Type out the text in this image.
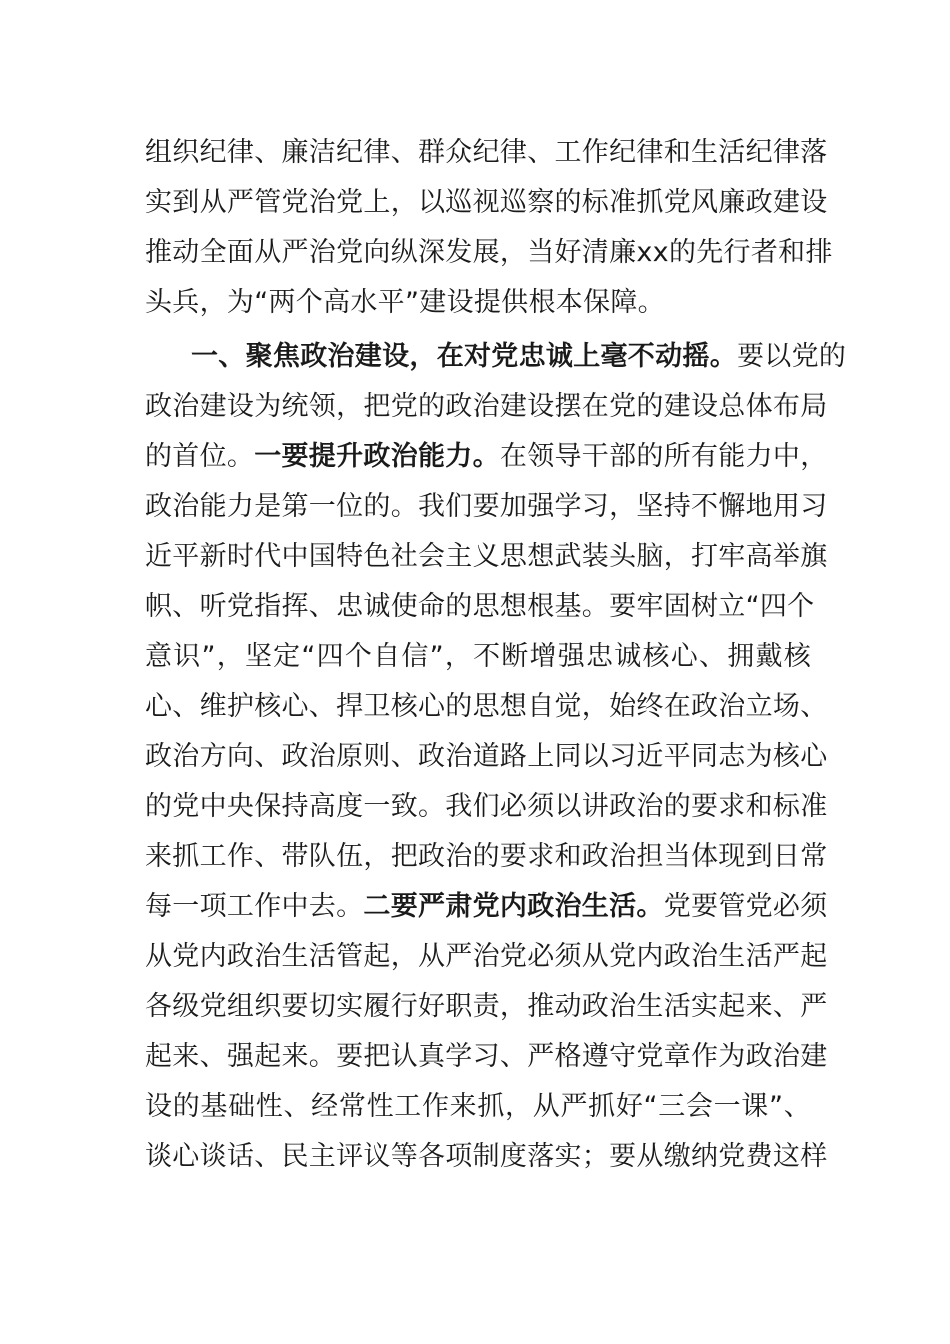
组织纪律、廉洁纪律、群众纪律、工作纪律和生活纪律落
实到从严管党治党上，以巡视巡察的标准抓党风廉政建设
推动全面从严治党向纵深发展，当好清廉xx的先行者和排
头兵，为“两个高水平”建设提供根本保障。
一、聚焦政治建设，在对党忠诚上毫不动摇。要以党的
政治建设为统领，把党的政治建设摆在党的建设总体布局
的首位。一要提升政治能力。在领导干部的所有能力中，
政治能力是第一位的。我们要加强学习，坚持不懈地用习
近平新时代中国特色社会主义思想武装头脑，打牢高举旗
帜、听党指挥、忠诚使命的思想根基。要牢固树立“四个
意识”，坚定“四个自信”，不断增强忠诚核心、拥戴核
心、维护核心、捍卫核心的思想自觉，始终在政治立场、
政治方向、政治原则、政治道路上同以习近平同志为核心
的党中央保持高度一致。我们必须以讲政治的要求和标准
来抓工作、带队伍，把政治的要求和政治担当体现到日常
每一项工作中去。二要严肃党内政治生活。党要管党必须
从党内政治生活管起，从严治党必须从党内政治生活严起
各级党组织要切实履行好职责，推动政治生活实起来、严
起来、强起来。要把认真学习、严格遵守党章作为政治建
设的基础性、经常性工作来抓，从严抓好“三会一课”、
谈心谈话、民主评议等各项制度落实；要从缴纳党费这样
